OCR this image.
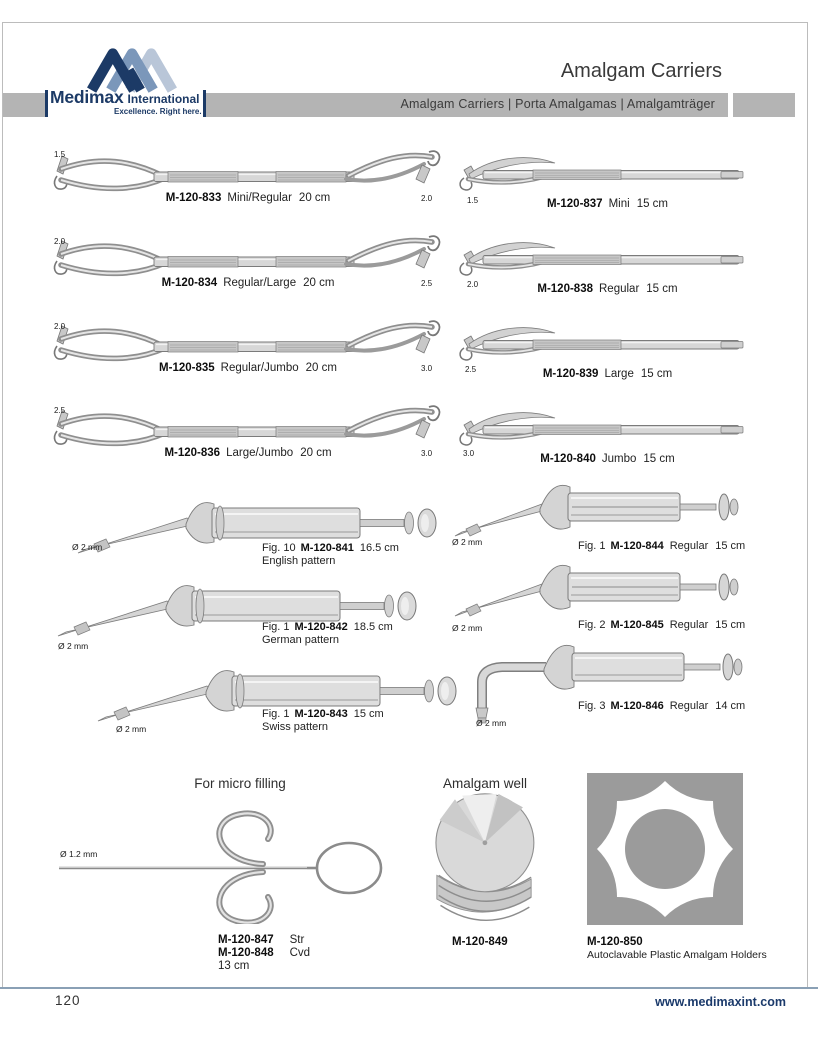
Medimax International
Excellence. Right here.
Amalgam Carriers
Amalgam Carriers | Porta Amalgamas | Amalgamträger
1.5
2.0
M-120-833 Mini/Regular 20 cm
2.0
2.5
M-120-834 Regular/Large 20 cm
2.0
3.0
M-120-835 Regular/Jumbo 20 cm
2.5
3.0
M-120-836 Large/Jumbo 20 cm
1.5	M-120-837 Mini 15 cm
2.0	M-120-838 Regular 15 cm
2.5	M-120-839 Large 15 cm
3.0	M-120-840 Jumbo 15 cm
Ø 2 mm	Fig. 10 M-120-841 16.5 cm
English pattern
Ø 2 mm
Fig. 1 M-120-842 18.5 cm
German pattern
Ø 2 mm
Fig. 1 M-120-843 15 cm
Swiss pattern
Ø 2 mm	Fig. 1 M-120-844 Regular 15 cm
Ø 2 mm	Fig. 2 M-120-845 Regular 15 cm
Ø 2 mm
Fig. 3 M-120-846 Regular 14 cm
For micro filling
Ø 1.2 mm
M-120-847 Str
M-120-848 Cvd
13 cm
Amalgam well
M-120-849	M-120-850
Autoclavable Plastic Amalgam Holders
120	www.medimaxint.com
